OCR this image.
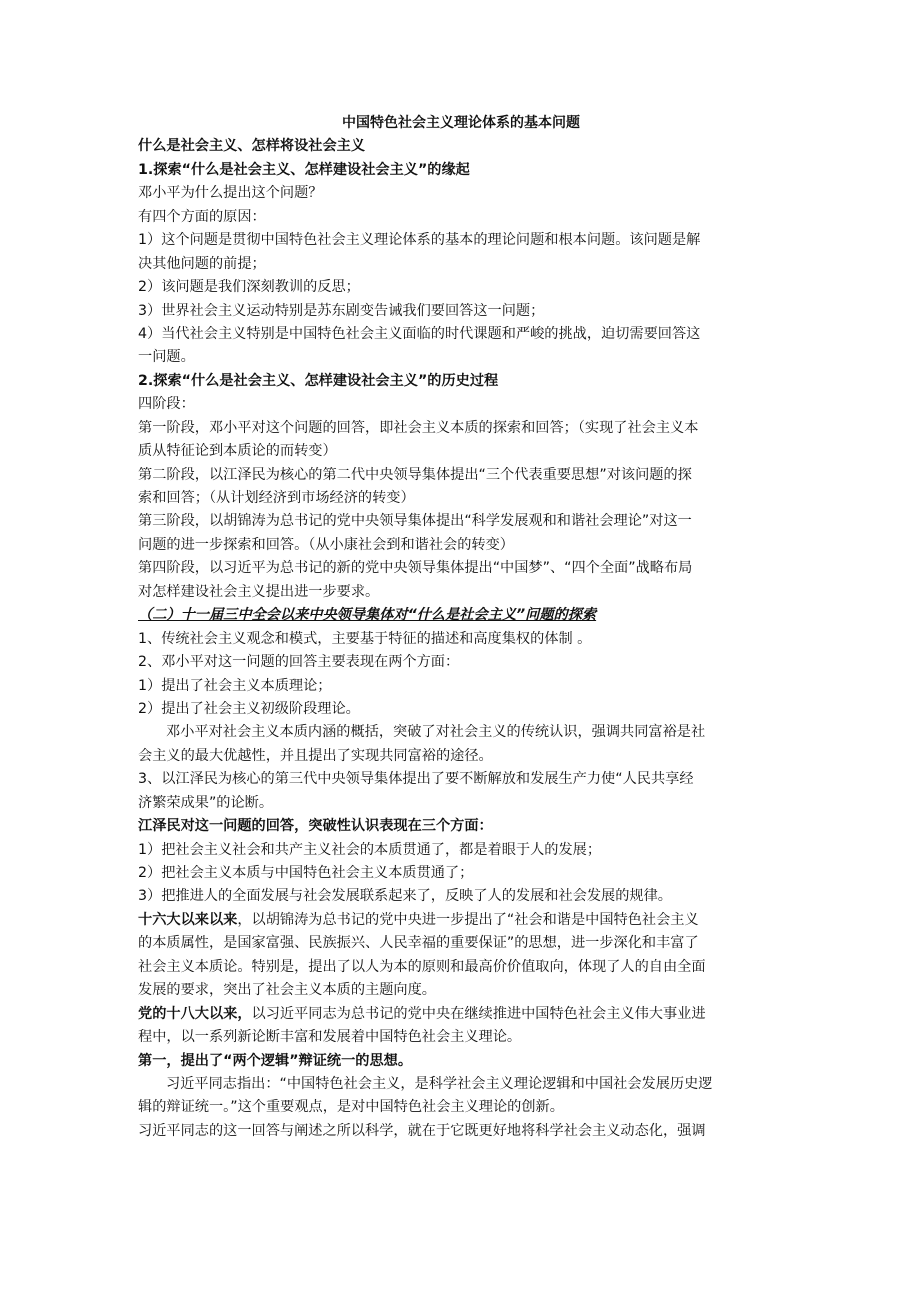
中国特色社会主义理论体系的基本问题
什么是社会主义、怎样将设社会主义
1.探索“什么是社会主义、怎样建设社会主义”的缘起
邓小平为什么提出这个问题？
有四个方面的原因：
1）这个问题是贯彻中国特色社会主义理论体系的基本的理论问题和根本问题。该问题是解
决其他问题的前提；
2）该问题是我们深刻教训的反思；
3）世界社会主义运动特别是苏东剧变告诫我们要回答这一问题；
4）当代社会主义特别是中国特色社会主义面临的时代课题和严峻的挑战，迫切需要回答这
一问题。
2.探索“什么是社会主义、怎样建设社会主义”的历史过程
四阶段：
第一阶段，邓小平对这个问题的回答，即社会主义本质的探索和回答；（实现了社会主义本
质从特征论到本质论的而转变）
第二阶段，以江泽民为核心的第二代中央领导集体提出“三个代表重要思想”对该问题的探
索和回答；（从计划经济到市场经济的转变）
第三阶段，以胡锦涛为总书记的党中央领导集体提出“科学发展观和和谐社会理论”对这一
问题的进一步探索和回答。（从小康社会到和谐社会的转变）
第四阶段，以习近平为总书记的新的党中央领导集体提出“中国梦”、“四个全面”战略布局
对怎样建设社会主义提出进一步要求。
（二）十一届三中全会以来中央领导集体对“什么是社会主义”问题的探索
1、传统社会主义观念和模式，主要基于特征的描述和高度集权的体制 。
2、邓小平对这一问题的回答主要表现在两个方面：
1）提出了社会主义本质理论；
2）提出了社会主义初级阶段理论。
邓小平对社会主义本质内涵的概括，突破了对社会主义的传统认识，强调共同富裕是社
会主义的最大优越性，并且提出了实现共同富裕的途径。
3、以江泽民为核心的第三代中央领导集体提出了要不断解放和发展生产力使“人民共享经
济繁荣成果”的论断。
江泽民对这一问题的回答，突破性认识表现在三个方面：
1）把社会主义社会和共产主义社会的本质贯通了，都是着眼于人的发展；
2）把社会主义本质与中国特色社会主义本质贯通了；
3）把推进人的全面发展与社会发展联系起来了，反映了人的发展和社会发展的规律。
十六大以来以来，以胡锦涛为总书记的党中央进一步提出了“社会和谐是中国特色社会主义
的本质属性，是国家富强、民族振兴、人民幸福的重要保证”的思想，进一步深化和丰富了
社会主义本质论。特别是，提出了以人为本的原则和最高价价值取向，体现了人的自由全面
发展的要求，突出了社会主义本质的主题向度。
党的十八大以来，以习近平同志为总书记的党中央在继续推进中国特色社会主义伟大事业进
程中，以一系列新论断丰富和发展着中国特色社会主义理论。
第一，提出了“两个逻辑”辩证统一的思想。
习近平同志指出：“中国特色社会主义，是科学社会主义理论逻辑和中国社会发展历史逻
辑的辩证统一。”这个重要观点，是对中国特色社会主义理论的创新。
习近平同志的这一回答与阐述之所以科学，就在于它既更好地将科学社会主义动态化，强调
